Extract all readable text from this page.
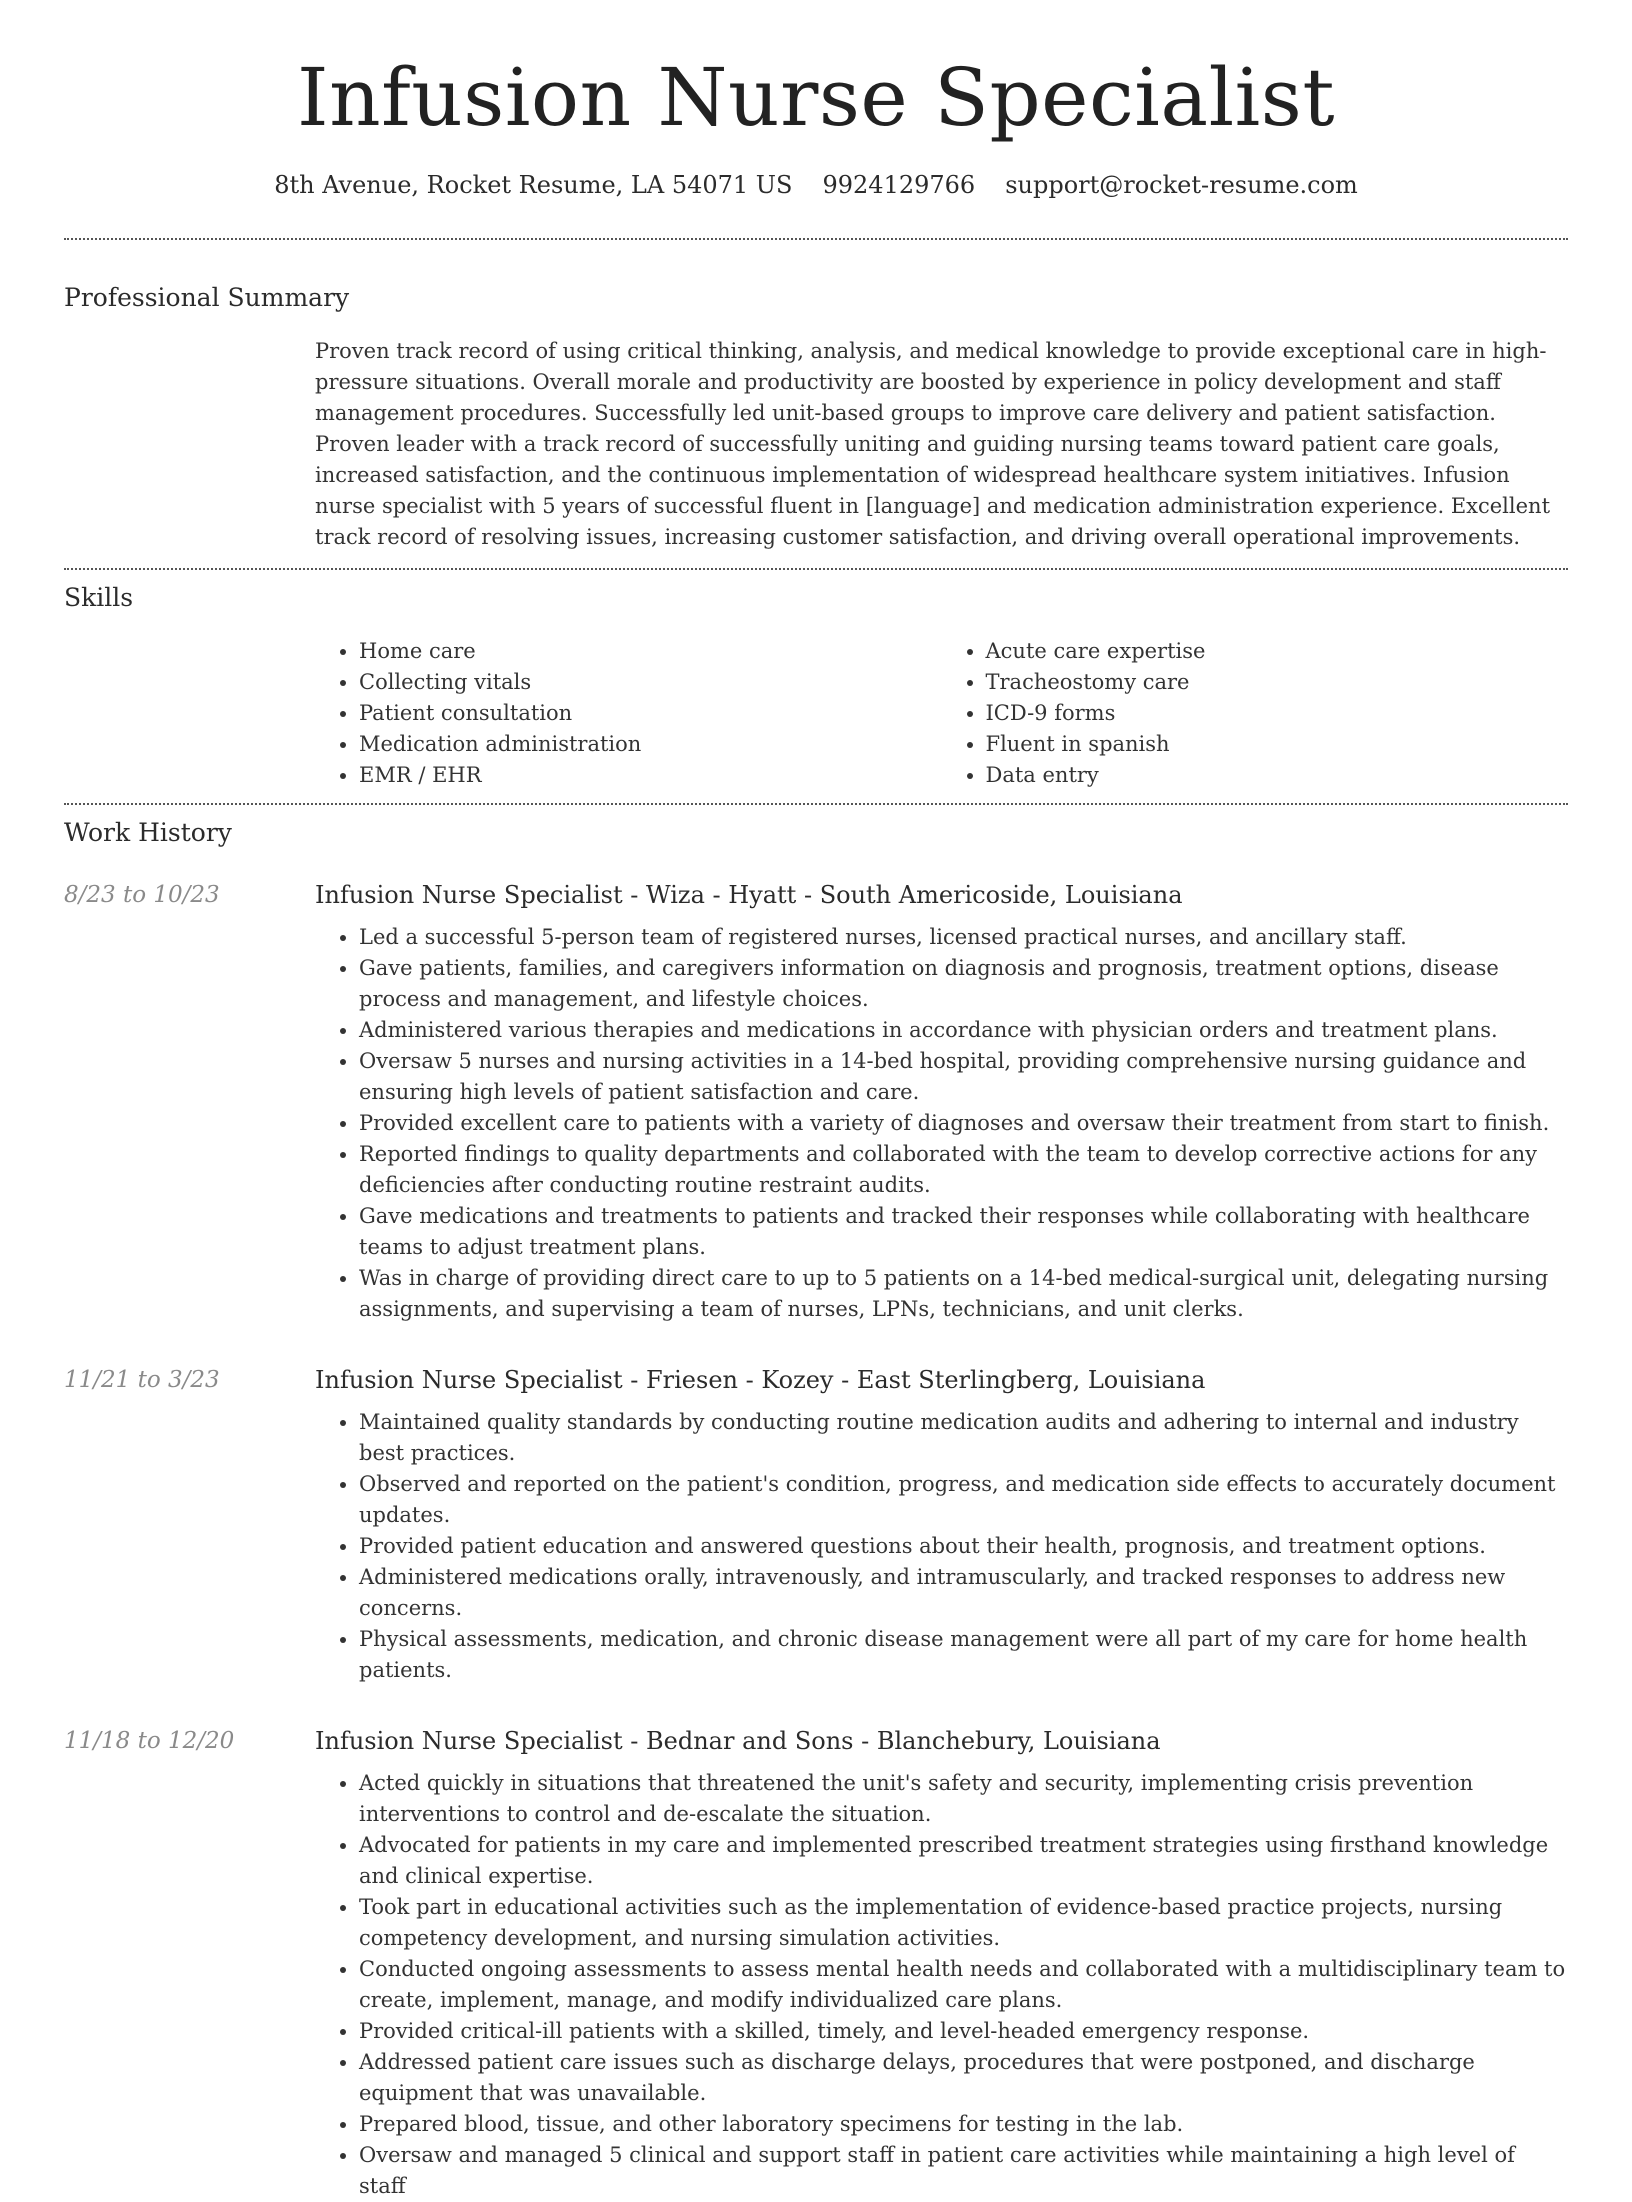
Infusion Nurse Specialist
8th Avenue, Rocket Resume, LA 54071 US 9924129766 support@rocket-resume.com
Professional Summary

Proven track record of using critical thinking, analysis, and medical knowledge to provide exceptional care in high-pressure situations. Overall morale and productivity are boosted by experience in policy development and staff management procedures. Successfully led unit-based groups to improve care delivery and patient satisfaction. Proven leader with a track record of successfully uniting and guiding nursing teams toward patient care goals, increased satisfaction, and the continuous implementation of widespread healthcare system initiatives. Infusion nurse specialist with 5 years of successful fluent in [language] and medication administration experience. Excellent track record of resolving issues, increasing customer satisfaction, and driving overall operational improvements.

Skills
• Home care
• Collecting vitals
• Patient consultation
• Medication administration
• EMR / EHR
• Acute care expertise
• Tracheostomy care
• ICD-9 forms
• Fluent in spanish
• Data entry
Work History
8/23 to 10/23	Infusion Nurse Specialist - Wiza - Hyatt - South Americoside, Louisiana
• Led a successful 5-person team of registered nurses, licensed practical nurses, and ancillary staff.
• Gave patients, families, and caregivers information on diagnosis and prognosis, treatment options, disease process and management, and lifestyle choices.
• Administered various therapies and medications in accordance with physician orders and treatment plans.
• Oversaw 5 nurses and nursing activities in a 14-bed hospital, providing comprehensive nursing guidance and ensuring high levels of patient satisfaction and care.
• Provided excellent care to patients with a variety of diagnoses and oversaw their treatment from start to finish.
• Reported findings to quality departments and collaborated with the team to develop corrective actions for any deficiencies after conducting routine restraint audits.
• Gave medications and treatments to patients and tracked their responses while collaborating with healthcare teams to adjust treatment plans.
• Was in charge of providing direct care to up to 5 patients on a 14-bed medical-surgical unit, delegating nursing assignments, and supervising a team of nurses, LPNs, technicians, and unit clerks.
11/21 to 3/23	Infusion Nurse Specialist - Friesen - Kozey - East Sterlingberg, Louisiana
• Maintained quality standards by conducting routine medication audits and adhering to internal and industry best practices.
• Observed and reported on the patient's condition, progress, and medication side effects to accurately document updates.
• Provided patient education and answered questions about their health, prognosis, and treatment options.
• Administered medications orally, intravenously, and intramuscularly, and tracked responses to address new concerns.
• Physical assessments, medication, and chronic disease management were all part of my care for home health patients.
11/18 to 12/20	Infusion Nurse Specialist - Bednar and Sons - Blanchebury, Louisiana
• Acted quickly in situations that threatened the unit's safety and security, implementing crisis prevention interventions to control and de-escalate the situation.
• Advocated for patients in my care and implemented prescribed treatment strategies using firsthand knowledge and clinical expertise.
• Took part in educational activities such as the implementation of evidence-based practice projects, nursing competency development, and nursing simulation activities.
• Conducted ongoing assessments to assess mental health needs and collaborated with a multidisciplinary team to create, implement, manage, and modify individualized care plans.
• Provided critical-ill patients with a skilled, timely, and level-headed emergency response.
• Addressed patient care issues such as discharge delays, procedures that were postponed, and discharge equipment that was unavailable.
• Prepared blood, tissue, and other laboratory specimens for testing in the lab.
• Oversaw and managed 5 clinical and support staff in patient care activities while maintaining a high level of staff
